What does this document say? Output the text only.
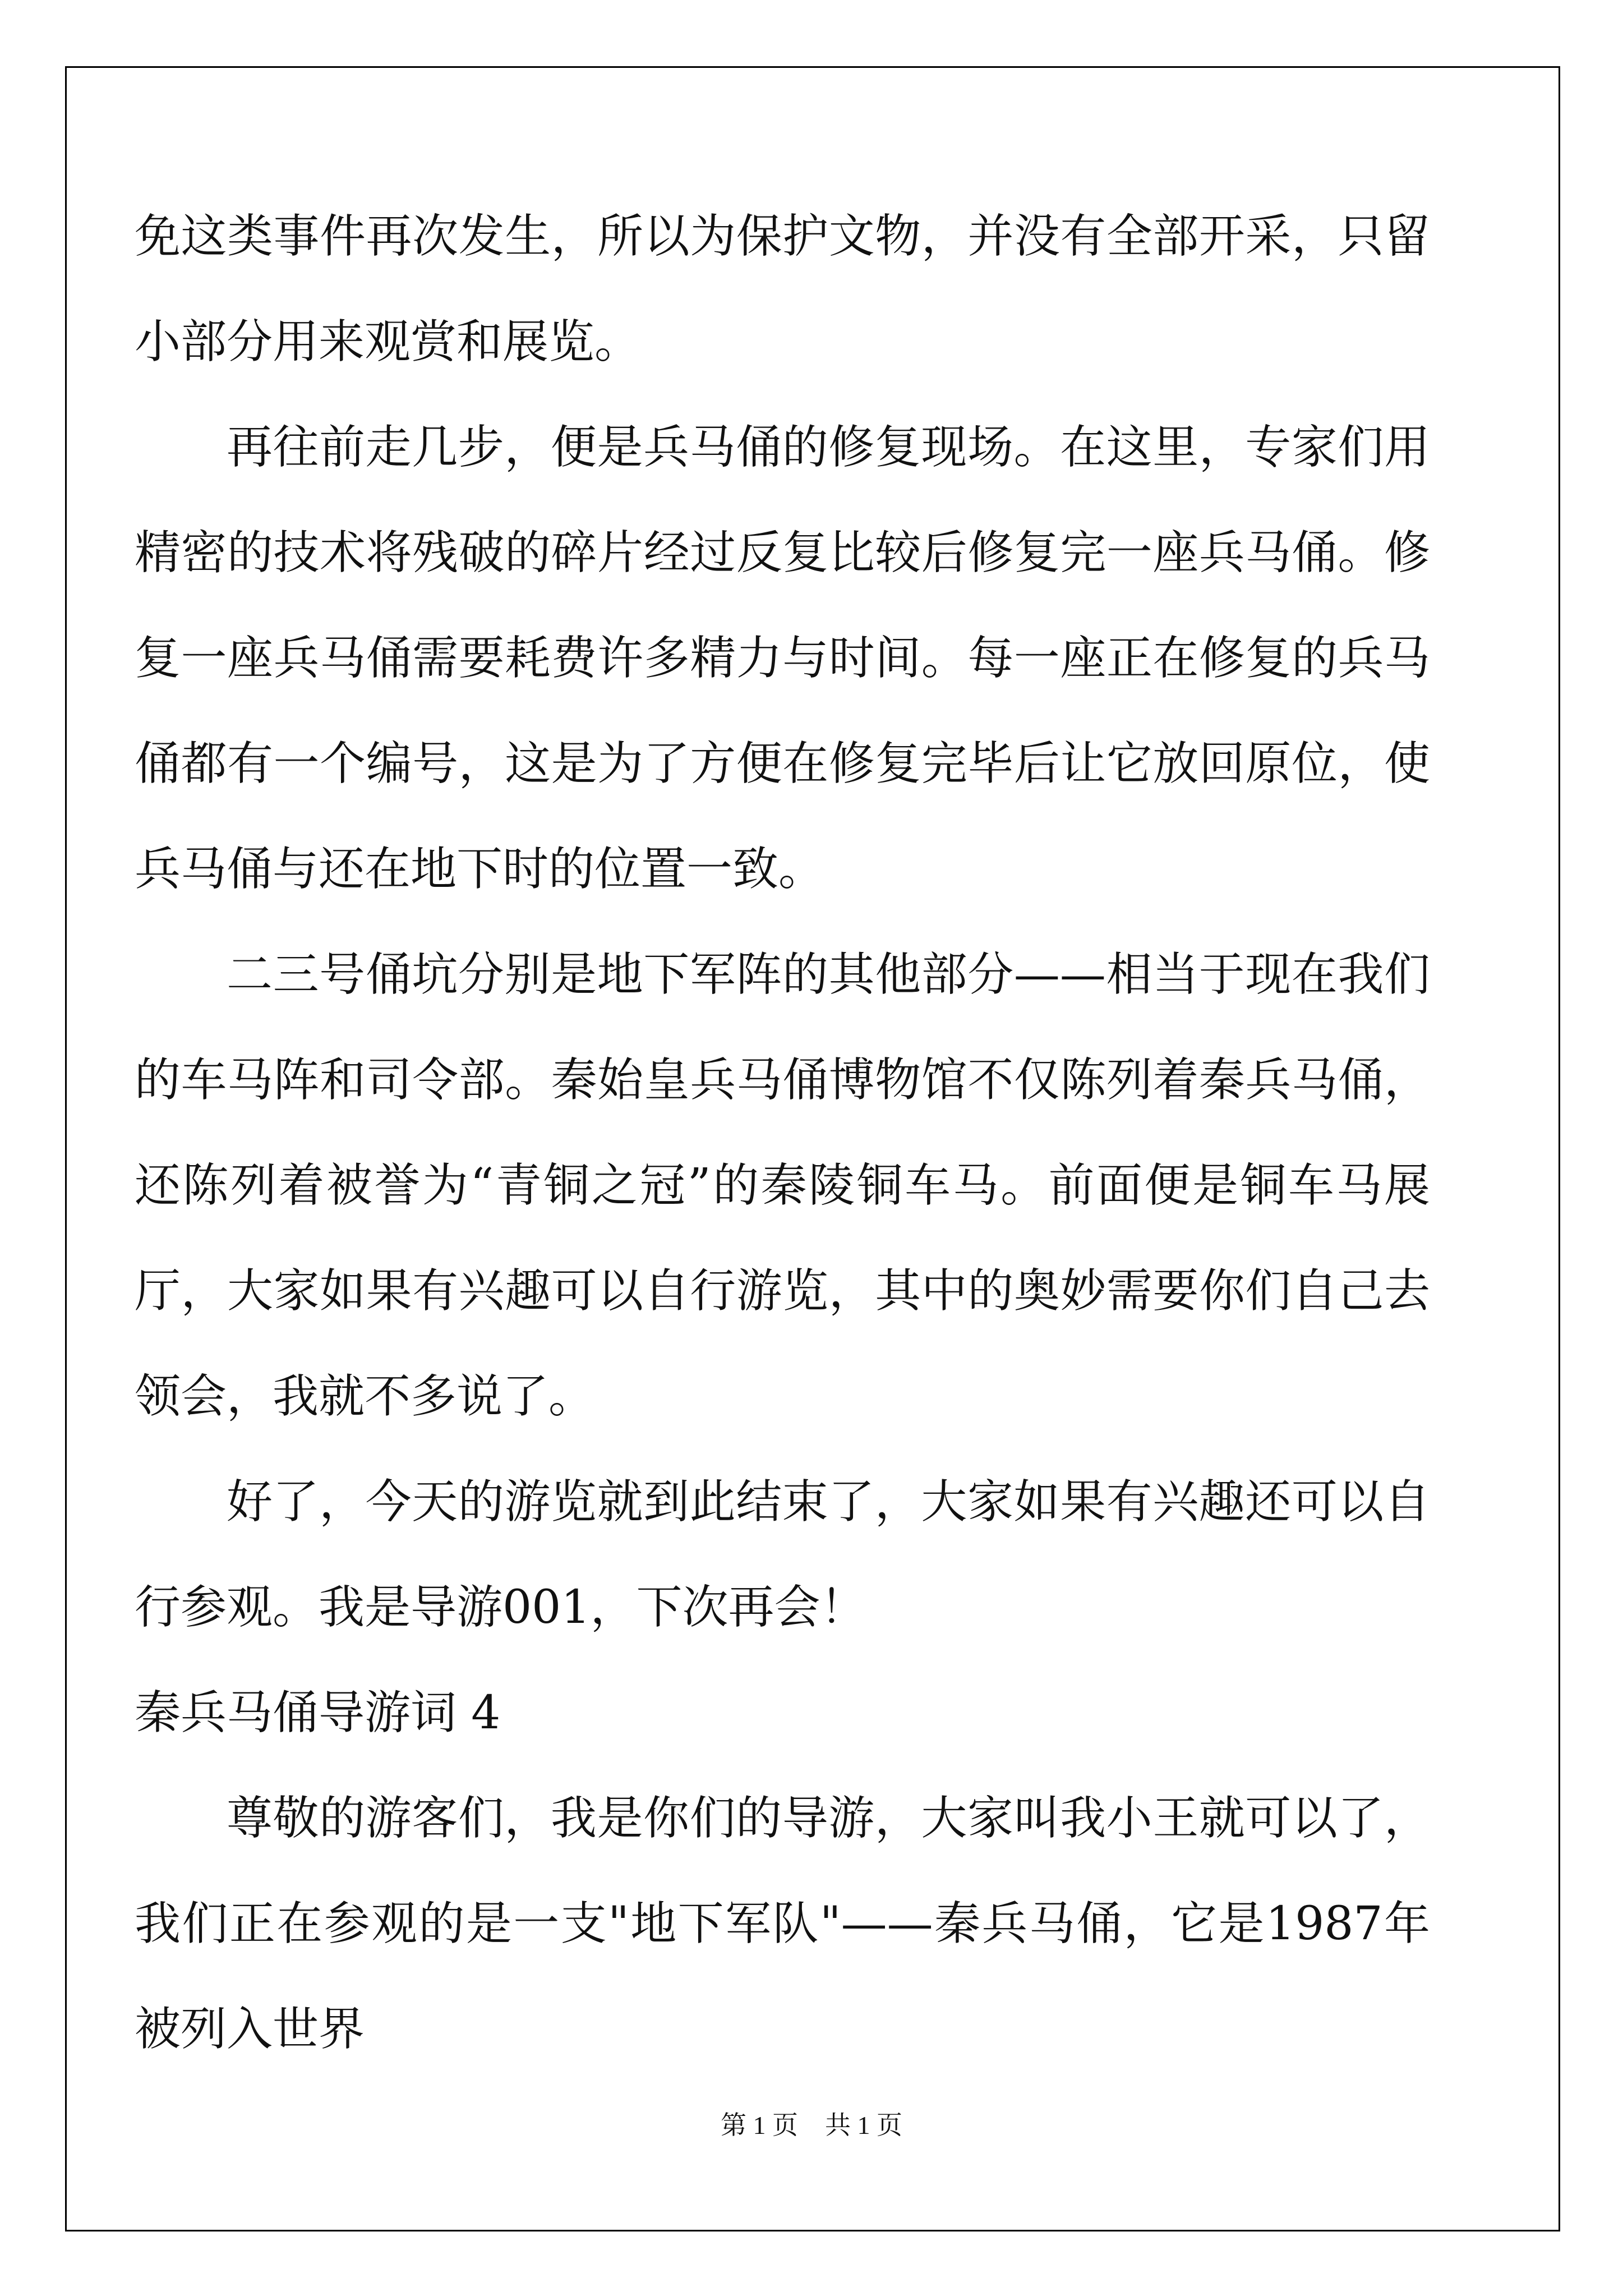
免这类事件再次发生，所以为保护文物，并没有全部开采，只留小部分用来观赏和展览。

再往前走几步，便是兵马俑的修复现场。在这里，专家们用精密的技术将残破的碎片经过反复比较后修复完一座兵马俑。修复一座兵马俑需要耗费许多精力与时间。每一座正在修复的兵马俑都有一个编号，这是为了方便在修复完毕后让它放回原位，使兵马俑与还在地下时的位置一致。

二三号俑坑分别是地下军阵的其他部分——相当于现在我们的车马阵和司令部。秦始皇兵马俑博物馆不仅陈列着秦兵马俑，还陈列着被誉为“青铜之冠”的秦陵铜车马。前面便是铜车马展厅，大家如果有兴趣可以自行游览，其中的奥妙需要你们自己去领会，我就不多说了。

好了，今天的游览就到此结束了，大家如果有兴趣还可以自行参观。我是导游001，下次再会！

秦兵马俑导游词 4

尊敬的游客们，我是你们的导游，大家叫我小王就可以了，我们正在参观的是一支"地下军队"——秦兵马俑，它是1987年被列入世界

第 1 页 共 1 页
